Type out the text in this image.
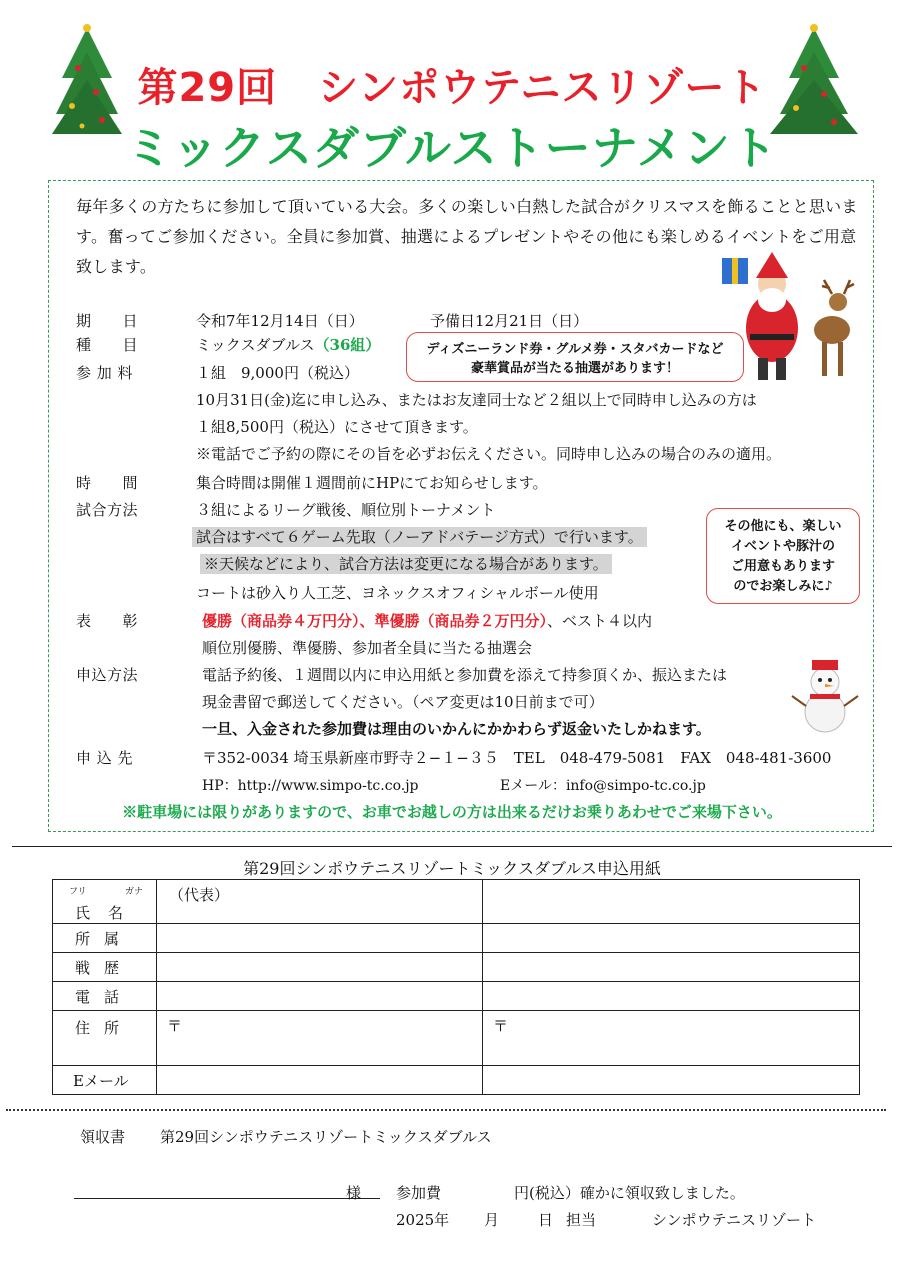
第29回　シンポウテニスリゾート
ミックスダブルストーナメント
毎年多くの方たちに参加して頂いている大会。多くの楽しい白熱した試合がクリスマスを飾ることと思います。奮ってご参加ください。全員に参加賞、抽選によるプレゼントやその他にも楽しめるイベントをご用意致します。
期　　日	令和7年12月14日（日）	予備日12月21日（日）
種　　目	ミックスダブルス（36組）	ディズニーランド券・グルメ券・スタバカードなど
豪華賞品が当たる抽選があります！
参 加 料	１組　9,000円（税込）
10月31日(金)迄に申し込み、またはお友達同士など２組以上で同時申し込みの方は
１組8,500円（税込）にさせて頂きます。
※電話でご予約の際にその旨を必ずお伝えください。同時申し込みの場合のみの適用。
時　　間	集合時間は開催１週間前にHPにてお知らせします。
試合方法	３組によるリーグ戦後、順位別トーナメント
試合はすべて６ゲーム先取（ノーアドバテージ方式）で行います。
※天候などにより、試合方法は変更になる場合があります。
コートは砂入り人工芝、ヨネックスオフィシャルボール使用
その他にも、楽しい
イベントや豚汁の
ご用意もあります
のでお楽しみに♪
表　　彰	優勝（商品券４万円分）、準優勝（商品券２万円分）、ベスト４以内
順位別優勝、準優勝、参加者全員に当たる抽選会
申込方法	電話予約後、１週間以内に申込用紙と参加費を添えて持参頂くか、振込または
現金書留で郵送してください。（ペア変更は10日前まで可）
一旦、入金された参加費は理由のいかんにかかわらず返金いたしかねます。
申 込 先	〒352-0034 埼玉県新座市野寺２−１−３５　TEL　048-479-5081　FAX　048-481-3600
HP：http://www.simpo-tc.co.jp	Eメール：info@simpo-tc.co.jp
※駐車場には限りがありますので、お車でお越しの方は出来るだけお乗りあわせでご来場下さい。
第29回シンポウテニスリゾートミックスダブルス申込用紙
フリ ガナ
氏名	（代表）	
所属		
戦歴		
電話		
住所	〒	〒
Eメール		
領収書 第29回シンポウテニスリゾートミックスダブルス
様 参加費	円(税込）確かに領収致しました。
2025年 月	日 担当	シンポウテニスリゾート
